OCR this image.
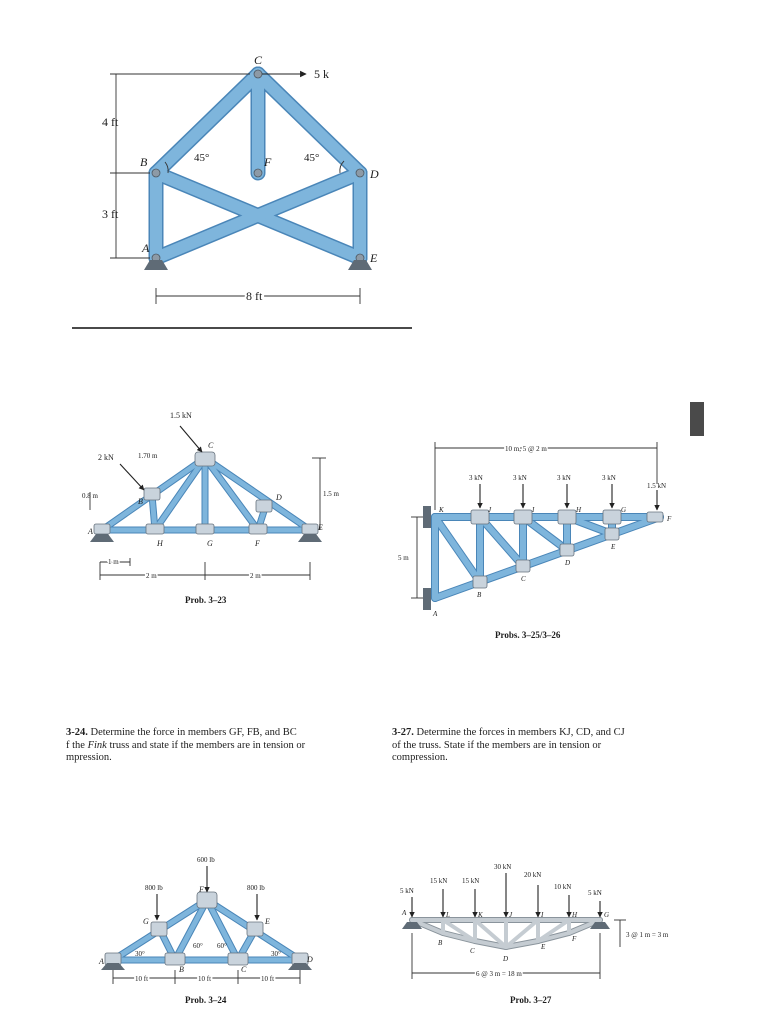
5 k
4 ft
3 ft
8 ft
45°	45°
C
B
D
F
A
E
1.5 kN
2 kN	1.70 m
0.8 m	1.5 m
1 m
2 m	2 m
A
B
C
D
E
F
G
H
Prob. 3–23
10 m, 5 @ 2 m
5 m
3 kN	3 kN	3 kN	3 kN
1.5 kN
A
B
C
D
E
F
G
H
I
J
K
Probs. 3–25/3–26

3-24. Determine the force in members GF, FB, and BC
f the Fink truss and state if the members are in tension or
mpression.

3-27. Determine the forces in members KJ, CD, and CJ
of the truss. State if the members are in tension or
compression.

600 lb
800 lb	800 lb
30°
60° 60°
30°
10 ft	10 ft	10 ft
A
B	C
D
E
F
G
Prob. 3–24
30 kN
20 kN
15 kN 15 kN
10 kN
5 kN	5 kN
6 @ 3 m = 18 m
3 @ 1 m = 3 m
A
B
C
D
E
F
G
H
I
J
K
L
Prob. 3–27
